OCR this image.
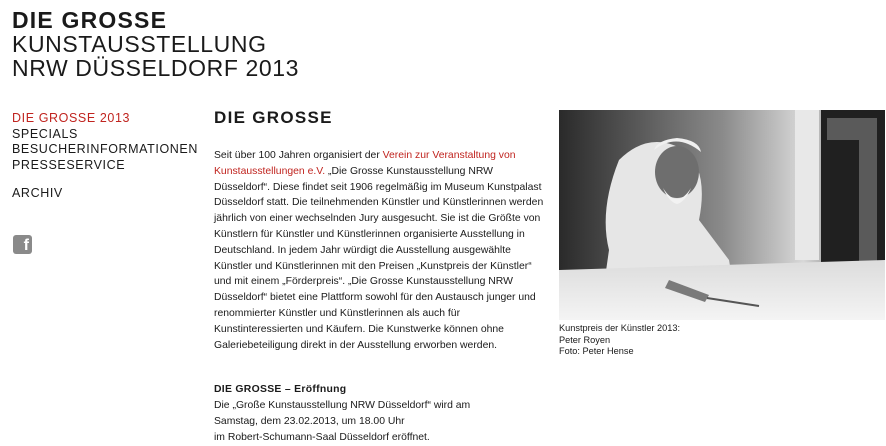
DIE GROSSE
KUNSTAUSSTELLUNG
NRW DÜSSELDORF 2013
DIE GROSSE 2013
SPECIALS
BESUCHERINFORMATIONEN
PRESSESERVICE
ARCHIV
f
DIE GROSSE
Seit über 100 Jahren organisiert der Verein zur Veranstaltung von Kunstausstellungen e.V. „Die Grosse Kunstausstellung NRW Düsseldorf“. Diese findet seit 1906 regelmäßig im Museum Kunstpalast Düsseldorf statt. Die teilnehmenden Künstler und Künstlerinnen werden jährlich von einer wechselnden Jury ausgesucht. Sie ist die Größte von Künstlern für Künstler und Künstlerinnen organisierte Ausstellung in Deutschland. In jedem Jahr würdigt die Ausstellung ausgewählte Künstler und Künstlerinnen mit den Preisen „Kunstpreis der Künstler“ und mit einem „Förderpreis“. „Die Grosse Kunstausstellung NRW Düsseldorf“ bietet eine Plattform sowohl für den Austausch junger und renommierter Künstler und Künstlerinnen als auch für Kunstinteressierten und Käufern. Die Kunstwerke können ohne Galeriebeteiligung direkt in der Ausstellung erworben werden.
DIE GROSSE – Eröffnung
Die „Große Kunstausstellung NRW Düsseldorf“ wird am
Samstag, dem 23.02.2013, um 18.00 Uhr
im Robert-Schumann-Saal Düsseldorf eröffnet.
Kunstpreis der Künstler 2013:
Peter Royen
Foto: Peter Hense
